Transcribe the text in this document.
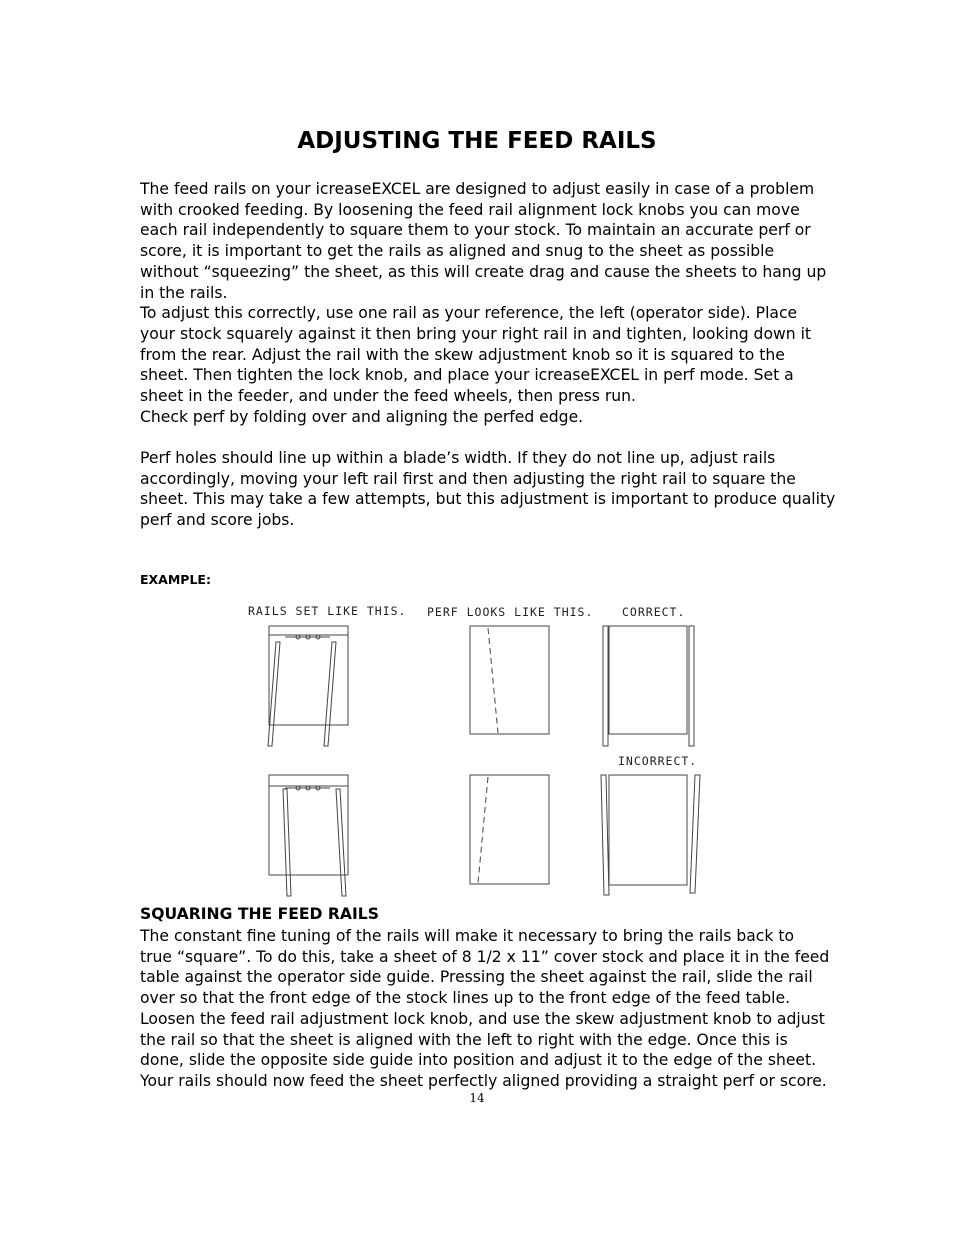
ADJUSTING THE FEED RAILS
The feed rails on your icreaseEXCEL are designed to adjust easily in case of a problem
with crooked feeding. By loosening the feed rail alignment lock knobs you can move
each rail independently to square them to your stock. To maintain an accurate perf or
score, it is important to get the rails as aligned and snug to the sheet as possible
without “squeezing” the sheet, as this will create drag and cause the sheets to hang up
in the rails.
To adjust this correctly, use one rail as your reference, the left (operator side). Place
your stock squarely against it then bring your right rail in and tighten, looking down it
from the rear. Adjust the rail with the skew adjustment knob so it is squared to the
sheet. Then tighten the lock knob, and place your icreaseEXCEL in perf mode. Set a
sheet in the feeder, and under the feed wheels, then press run.
Check perf by folding over and aligning the perfed edge.
Perf holes should line up within a blade’s width. If they do not line up, adjust rails
accordingly, moving your left rail first and then adjusting the right rail to square the
sheet. This may take a few attempts, but this adjustment is important to produce quality
perf and score jobs.

EXAMPLE:

RAILS SET LIKE THIS. PERF LOOKS LIKE THIS. CORRECT.
INCORRECT.

SQUARING THE FEED RAILS

The constant fine tuning of the rails will make it necessary to bring the rails back to
true “square”. To do this, take a sheet of 8 1/2 x 11” cover stock and place it in the feed
table against the operator side guide. Pressing the sheet against the rail, slide the rail
over so that the front edge of the stock lines up to the front edge of the feed table.
Loosen the feed rail adjustment lock knob, and use the skew adjustment knob to adjust
the rail so that the sheet is aligned with the left to right with the edge. Once this is
done, slide the opposite side guide into position and adjust it to the edge of the sheet.
Your rails should now feed the sheet perfectly aligned providing a straight perf or score.
14
